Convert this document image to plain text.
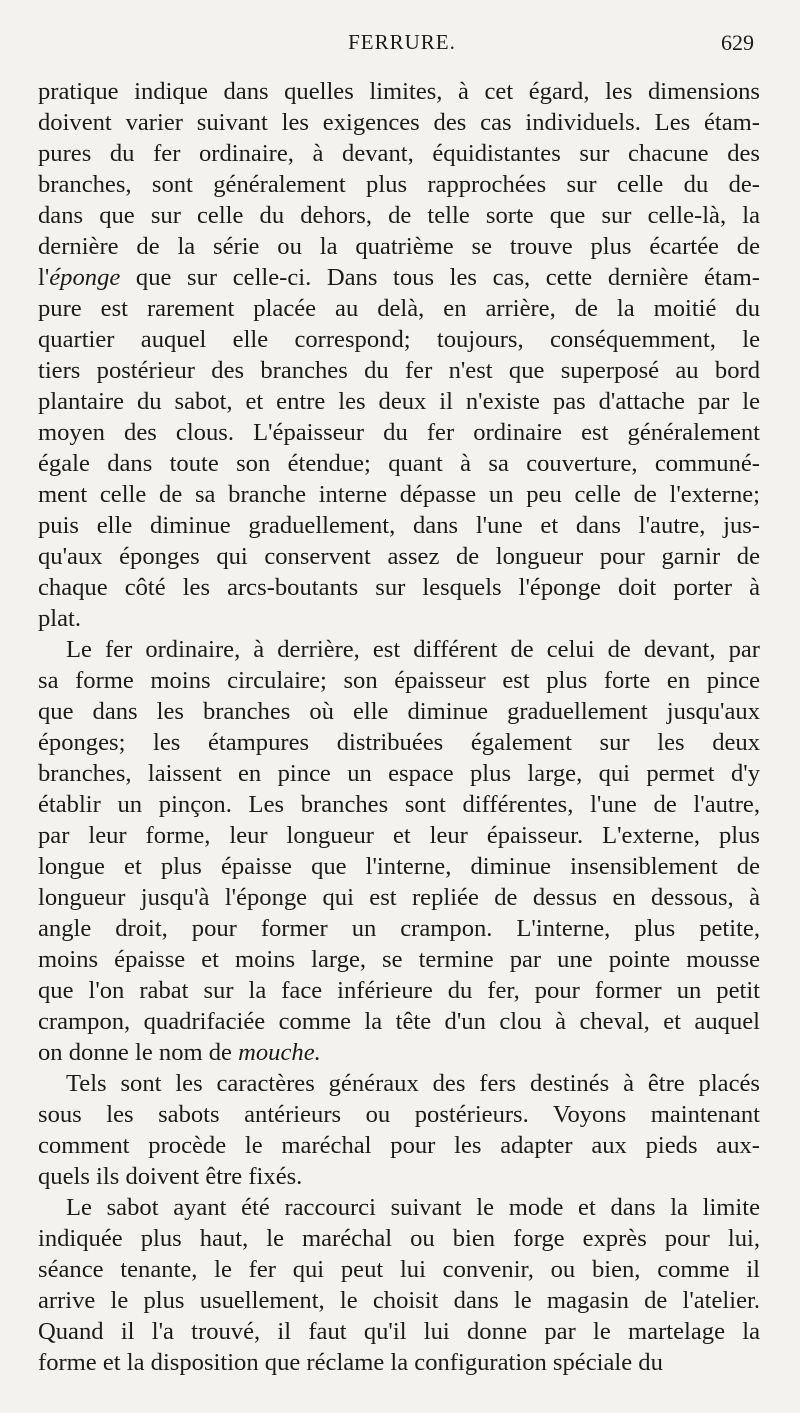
FERRURE.	629
pratique indique dans quelles limites, à cet égard, les dimensions
doivent varier suivant les exigences des cas individuels. Les étam-
pures du fer ordinaire, à devant, équidistantes sur chacune des
branches, sont généralement plus rapprochées sur celle du de-
dans que sur celle du dehors, de telle sorte que sur celle-là, la
dernière de la série ou la quatrième se trouve plus écartée de
l'éponge que sur celle-ci. Dans tous les cas, cette dernière étam-
pure est rarement placée au delà, en arrière, de la moitié du
quartier auquel elle correspond; toujours, conséquemment, le
tiers postérieur des branches du fer n'est que superposé au bord
plantaire du sabot, et entre les deux il n'existe pas d'attache par le
moyen des clous. L'épaisseur du fer ordinaire est généralement
égale dans toute son étendue; quant à sa couverture, communé-
ment celle de sa branche interne dépasse un peu celle de l'externe;
puis elle diminue graduellement, dans l'une et dans l'autre, jus-
qu'aux éponges qui conservent assez de longueur pour garnir de
chaque côté les arcs-boutants sur lesquels l'éponge doit porter à
plat.
Le fer ordinaire, à derrière, est différent de celui de devant, par
sa forme moins circulaire; son épaisseur est plus forte en pince
que dans les branches où elle diminue graduellement jusqu'aux
éponges; les étampures distribuées également sur les deux
branches, laissent en pince un espace plus large, qui permet d'y
établir un pinçon. Les branches sont différentes, l'une de l'autre,
par leur forme, leur longueur et leur épaisseur. L'externe, plus
longue et plus épaisse que l'interne, diminue insensiblement de
longueur jusqu'à l'éponge qui est repliée de dessus en dessous, à
angle droit, pour former un crampon. L'interne, plus petite,
moins épaisse et moins large, se termine par une pointe mousse
que l'on rabat sur la face inférieure du fer, pour former un petit
crampon, quadrifaciée comme la tête d'un clou à cheval, et auquel
on donne le nom de mouche.
Tels sont les caractères généraux des fers destinés à être placés
sous les sabots antérieurs ou postérieurs. Voyons maintenant
comment procède le maréchal pour les adapter aux pieds aux-
quels ils doivent être fixés.
Le sabot ayant été raccourci suivant le mode et dans la limite
indiquée plus haut, le maréchal ou bien forge exprès pour lui,
séance tenante, le fer qui peut lui convenir, ou bien, comme il
arrive le plus usuellement, le choisit dans le magasin de l'atelier.
Quand il l'a trouvé, il faut qu'il lui donne par le martelage la
forme et la disposition que réclame la configuration spéciale du
